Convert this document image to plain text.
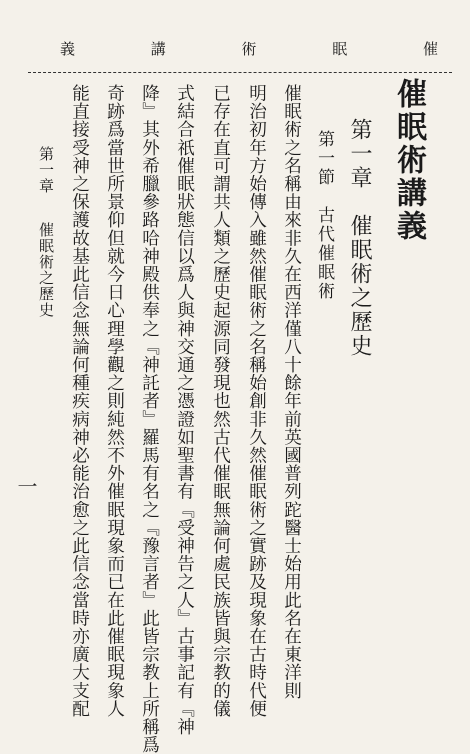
催
眠
術
講
義
催眠術講義
第一章　催眠術之歷史
第一節　古代催眠術
催眠術之名稱由來非久在西洋僅八十餘年前英國普列跎醫士始用此名在東洋則
明治初年方始傳入雖然催眠術之名稱始創非久然催眠術之實跡及現象在古時代便
已存在直可謂共人類之歷史起源同發現也然古代催眠無論何處民族皆與宗教的儀
式結合祇催眠狀態信以爲人與神交通之憑證如聖書有『受神告之人』古事記有『神
降』其外希臘參路哈神殿供奉之『神託者』羅馬有名之『豫言者』此皆宗教上所稱爲
奇跡爲當世所景仰但就今日心理學觀之則純然不外催眠現象而已在此催眠現象人
能直接受神之保護故基此信念無論何種疾病神必能治愈之此信念當時亦廣大支配
第一章
催眠術之歷史
一
